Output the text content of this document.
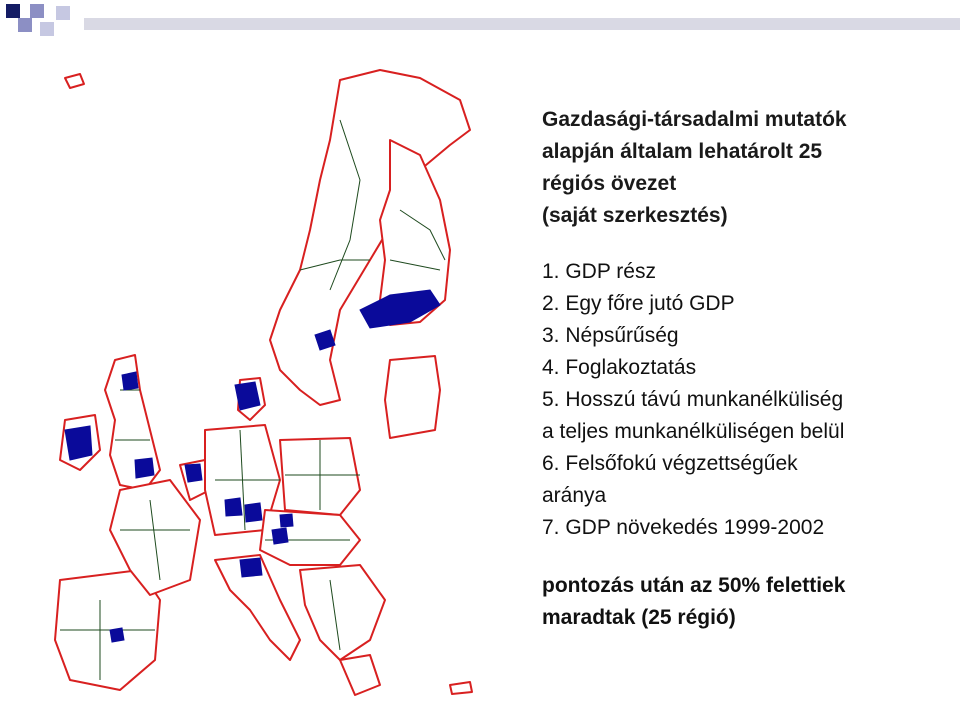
Gazdasági-társadalmi mutatók
alapján általam lehatárolt 25
régiós övezet
(saját szerkesztés)

1. GDP rész
2. Egy főre jutó GDP
3. Népsűrűség
4. Foglakoztatás
5. Hosszú távú munkanélküliség
a teljes munkanélküliségen belül
6. Felsőfokú végzettségűek
aránya
7. GDP növekedés 1999-2002

pontozás után az 50% felettiek
maradtak (25 régió)
